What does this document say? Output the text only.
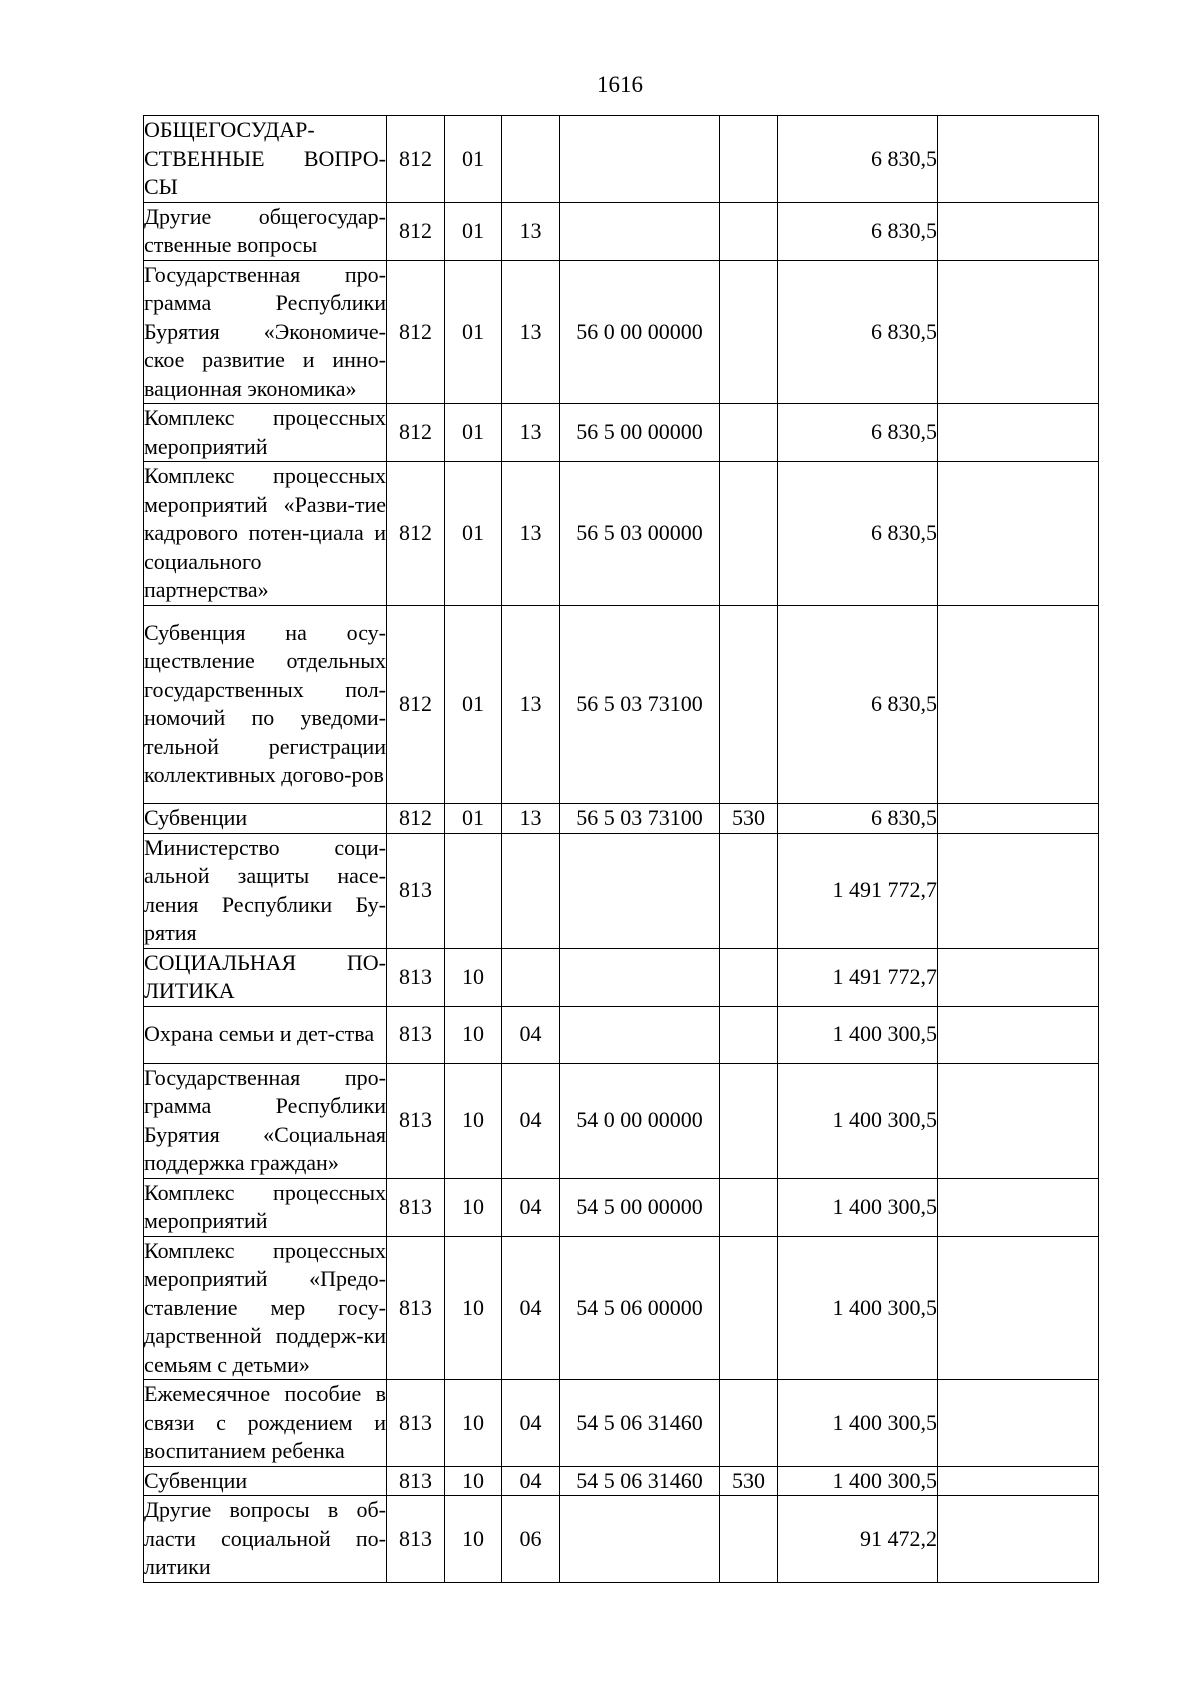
1616
ОБЩЕГОСУДАР-СТВЕННЫЕ ВОПРО-СЫ	812	01				6 830,5	
Другие общегосудар-ственные вопросы	812	01	13			6 830,5	
Государственная про-грамма Республики Бурятия «Экономиче-ское развитие и инно-вационная экономика»	812	01	13	56 0 00 00000		6 830,5	
Комплекс процессных мероприятий	812	01	13	56 5 00 00000		6 830,5	
Комплекс процессных мероприятий «Разви-тие кадрового потен-циала и социального партнерства»	812	01	13	56 5 03 00000		6 830,5	
Субвенция на осу-ществление отдельных государственных пол-номочий по уведоми-тельной регистрации коллективных догово-ров	812	01	13	56 5 03 73100		6 830,5	
Субвенции	812	01	13	56 5 03 73100	530	6 830,5	
Министерство соци-альной защиты насе-ления Республики Бу-рятия	813					1 491 772,7	
СОЦИАЛЬНАЯ ПО-ЛИТИКА	813	10				1 491 772,7	
Охрана семьи и дет-ства	813	10	04			1 400 300,5	
Государственная про-грамма Республики Бурятия «Социальная поддержка граждан»	813	10	04	54 0 00 00000		1 400 300,5	
Комплекс процессных мероприятий	813	10	04	54 5 00 00000		1 400 300,5	
Комплекс процессных мероприятий «Предо-ставление мер госу-дарственной поддерж-ки семьям с детьми»	813	10	04	54 5 06 00000		1 400 300,5	
Ежемесячное пособие в связи с рождением и воспитанием ребенка	813	10	04	54 5 06 31460		1 400 300,5	
Субвенции	813	10	04	54 5 06 31460	530	1 400 300,5	
Другие вопросы в об-ласти социальной по-литики	813	10	06			91 472,2	
